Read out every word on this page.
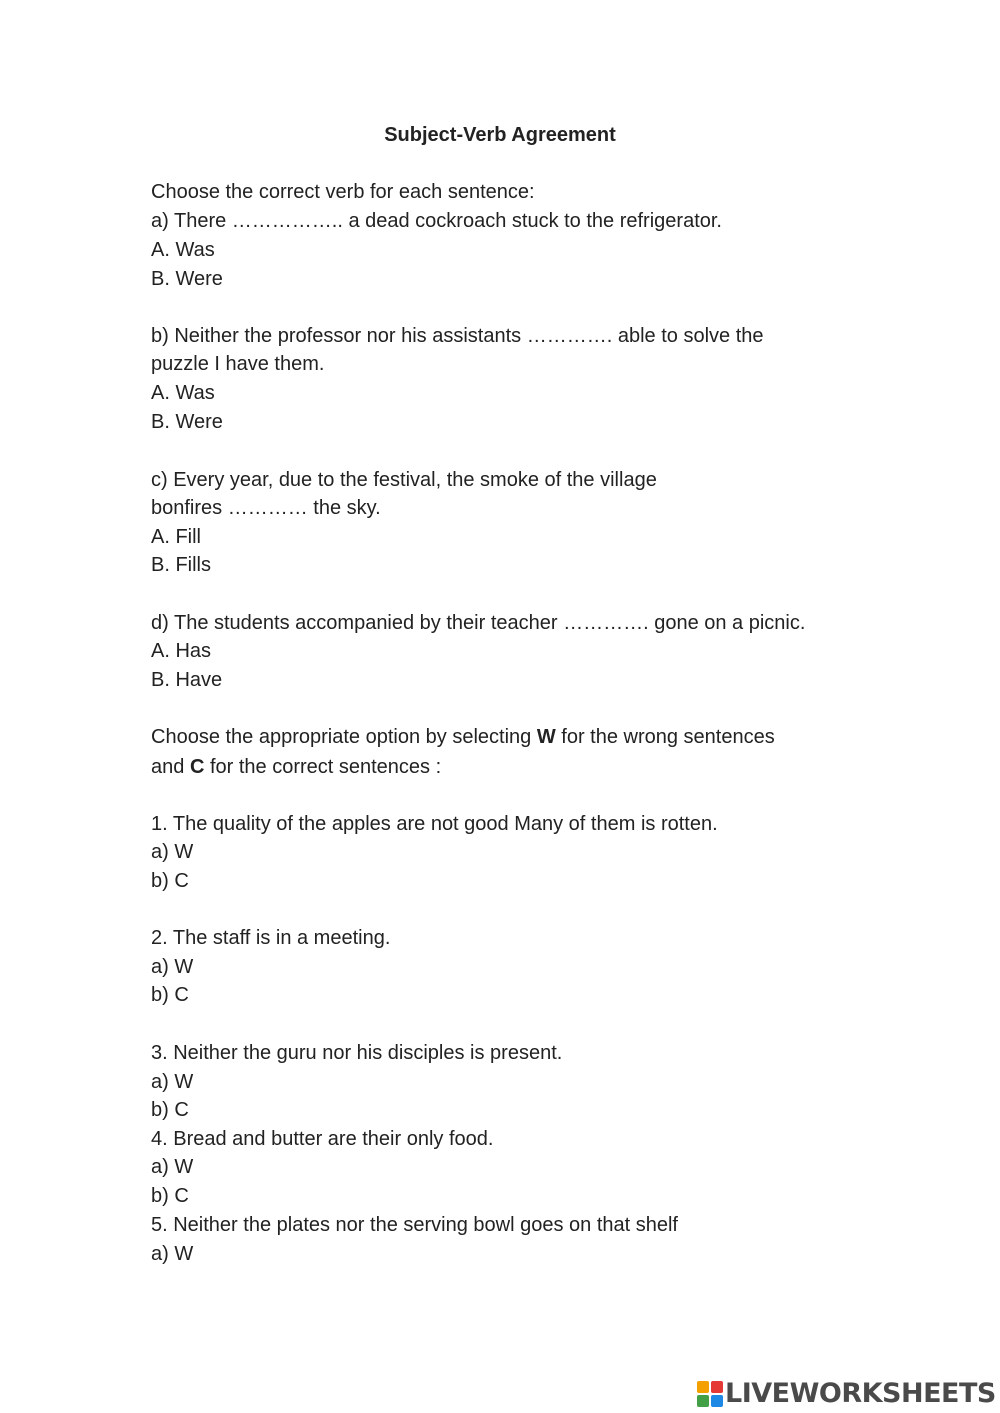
Subject-Verb Agreement
Choose the correct verb for each sentence:
a) There …………….. a dead cockroach stuck to the refrigerator.
A. Was
B. Were
b) Neither the professor nor his assistants …………. able to solve the
puzzle I have them.
A. Was
B. Were
c) Every year, due to the festival, the smoke of the village
bonfires ………… the sky.
A. Fill
B. Fills
d) The students accompanied by their teacher …………. gone on a picnic.
A. Has
B. Have
Choose the appropriate option by selecting W for the wrong sentences
and C for the correct sentences :
1. The quality of the apples are not good Many of them is rotten.
a) W
b) C
2. The staff is in a meeting.
a) W
b) C
3. Neither the guru nor his disciples is present.
a) W
b) C
4. Bread and butter are their only food.
a) W
b) C
5. Neither the plates nor the serving bowl goes on that shelf
a) W
LIVEWORKSHEETS
